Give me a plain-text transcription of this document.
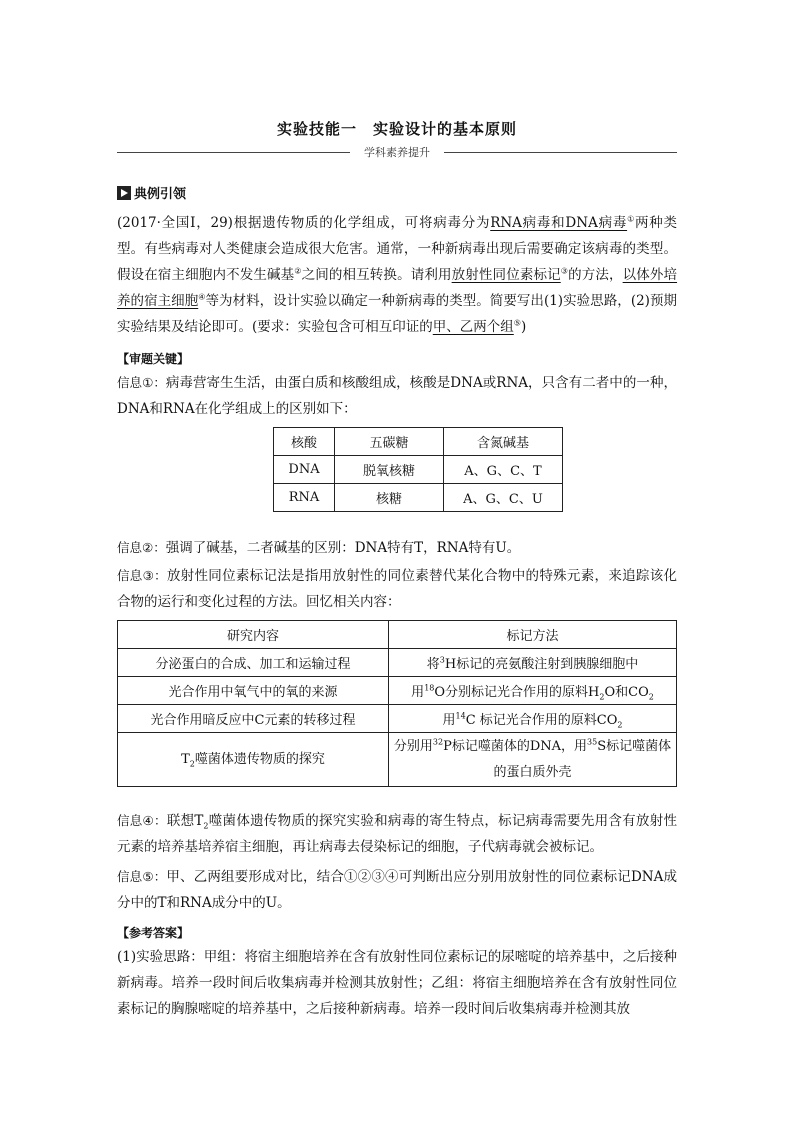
实验技能一　实验设计的基本原则
学科素养提升
典例引领

(2017·全国Ⅰ，29)根据遗传物质的化学组成，可将病毒分为RNA病毒和DNA病毒①两种类型。有些病毒对人类健康会造成很大危害。通常，一种新病毒出现后需要确定该病毒的类型。假设在宿主细胞内不发生碱基②之间的相互转换。请利用放射性同位素标记③的方法，以体外培养的宿主细胞④等为材料，设计实验以确定一种新病毒的类型。简要写出(1)实验思路，(2)预期实验结果及结论即可。(要求：实验包含可相互印证的甲、乙两个组⑤)

【审题关键】

信息①：病毒营寄生生活，由蛋白质和核酸组成，核酸是DNA或RNA，只含有二者中的一种，DNA和RNA在化学组成上的区别如下：

核酸	五碳糖	含氮碱基
DNA	脱氧核糖	A、G、C、T
RNA	核糖	A、G、C、U

信息②：强调了碱基，二者碱基的区别：DNA特有T，RNA特有U。

信息③：放射性同位素标记法是指用放射性的同位素替代某化合物中的特殊元素，来追踪该化合物的运行和变化过程的方法。回忆相关内容：

研究内容	标记方法
分泌蛋白的合成、加工和运输过程	将$^3$H标记的亮氨酸注射到胰腺细胞中
光合作用中氧气中的氧的来源	用$^{18}$O分别标记光合作用的原料$H_2O$和$CO_2$
光合作用暗反应中C元素的转移过程	用$^{14}$C 标记光合作用的原料$CO_2$
$T_2$噬菌体遗传物质的探究	分别用$^{32}$P标记噬菌体的DNA，用$^{35}$S标记噬菌体的蛋白质外壳

信息④：联想$T_2$噬菌体遗传物质的探究实验和病毒的寄生特点，标记病毒需要先用含有放射性元素的培养基培养宿主细胞，再让病毒去侵染标记的细胞，子代病毒就会被标记。

信息⑤：甲、乙两组要形成对比，结合①②③④可判断出应分别用放射性的同位素标记DNA成分中的T和RNA成分中的U。

【参考答案】

(1)实验思路：甲组：将宿主细胞培养在含有放射性同位素标记的尿嘧啶的培养基中，之后接种新病毒。培养一段时间后收集病毒并检测其放射性；乙组：将宿主细胞培养在含有放射性同位素标记的胸腺嘧啶的培养基中，之后接种新病毒。培养一段时间后收集病毒并检测其放
